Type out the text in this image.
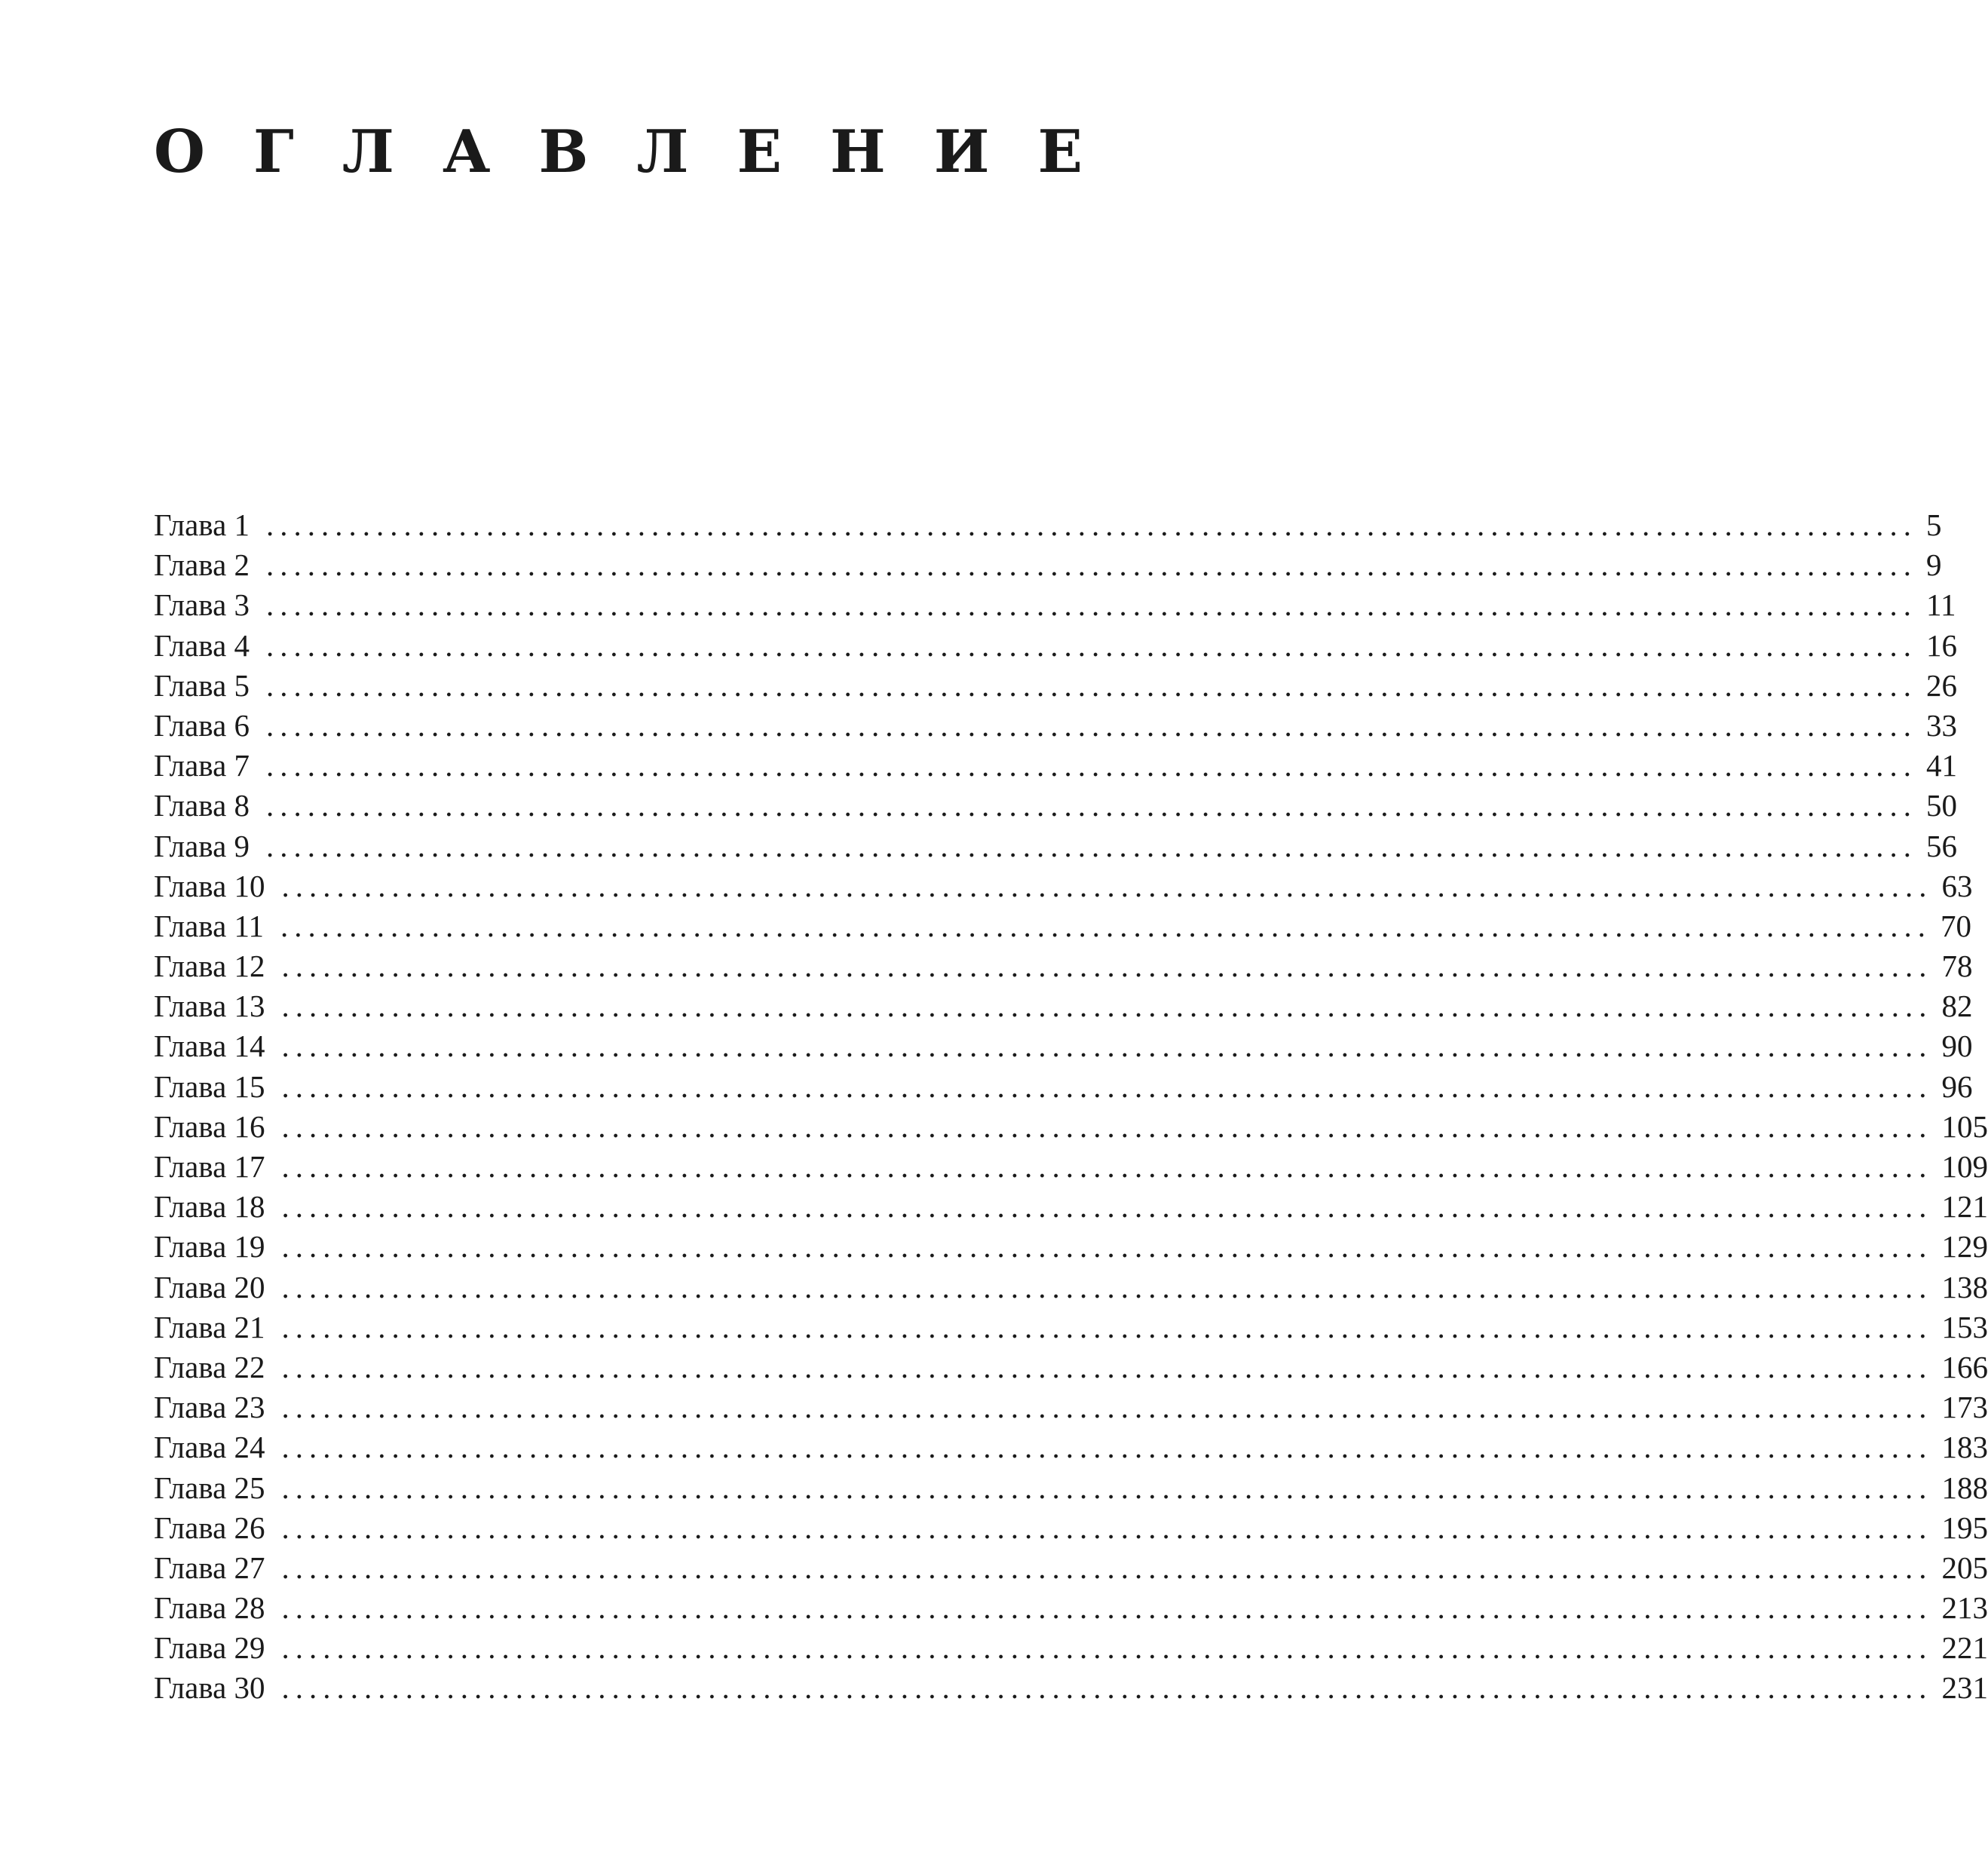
О Г Л А В Л Е Н И Е
Глава 1 ........................................................................................................................ 5
Глава 2 ........................................................................................................................ 9
Глава 3 ........................................................................................................................ 11
Глава 4 ........................................................................................................................ 16
Глава 5 ........................................................................................................................ 26
Глава 6 ........................................................................................................................ 33
Глава 7 ........................................................................................................................ 41
Глава 8 ........................................................................................................................ 50
Глава 9 ........................................................................................................................ 56
Глава 10 ........................................................................................................................ 63
Глава 11 ........................................................................................................................ 70
Глава 12 ........................................................................................................................ 78
Глава 13 ........................................................................................................................ 82
Глава 14 ........................................................................................................................ 90
Глава 15 ........................................................................................................................ 96
Глава 16 ........................................................................................................................ 105
Глава 17 ........................................................................................................................ 109
Глава 18 ........................................................................................................................ 121
Глава 19 ........................................................................................................................ 129
Глава 20 ........................................................................................................................ 138
Глава 21 ........................................................................................................................ 153
Глава 22 ........................................................................................................................ 166
Глава 23 ........................................................................................................................ 173
Глава 24 ........................................................................................................................ 183
Глава 25 ........................................................................................................................ 188
Глава 26 ........................................................................................................................ 195
Глава 27 ........................................................................................................................ 205
Глава 28 ........................................................................................................................ 213
Глава 29 ........................................................................................................................ 221
Глава 30 ........................................................................................................................ 231
